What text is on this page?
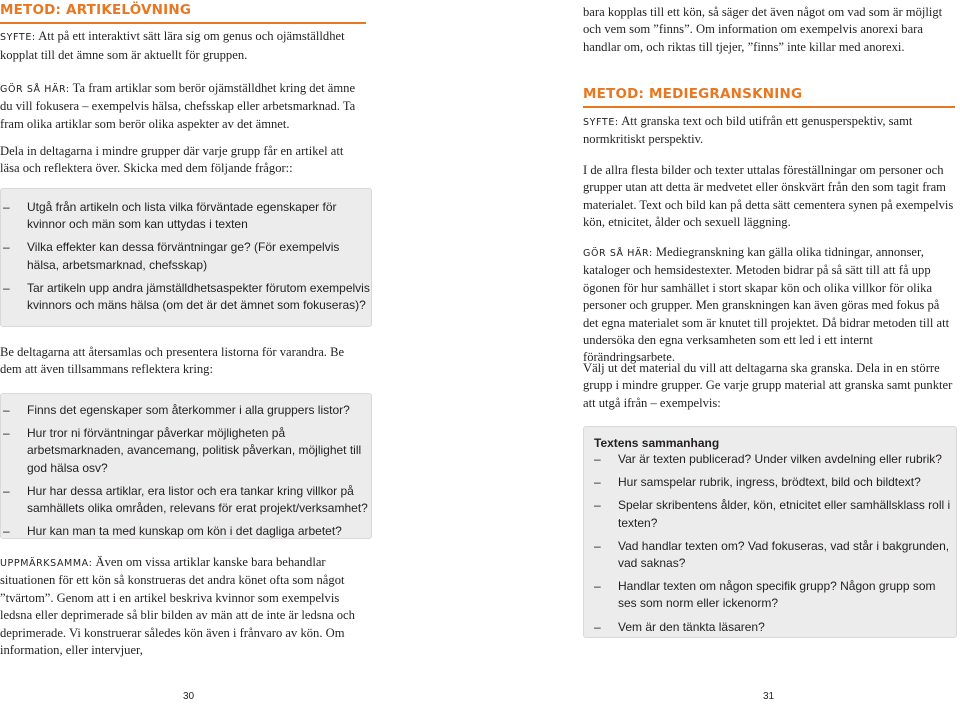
METOD: ARTIKELÖVNING

SYFTE: Att på ett interaktivt sätt lära sig om genus och ojämställdhet kopplat till det ämne som är aktuellt för gruppen.

GÖR SÅ HÄR: Ta fram artiklar som berör ojämställdhet kring det ämne du vill fokusera – exempelvis hälsa, chefsskap eller arbetsmarknad. Ta fram olika artiklar som berör olika aspekter av det ämnet.

Dela in deltagarna i mindre grupper där varje grupp får en artikel att läsa och reflektera över. Skicka med dem följande frågor::

– Utgå från artikeln och lista vilka förväntade egenskaper för kvinnor och män som kan uttydas i texten
– Vilka effekter kan dessa förväntningar ge? (För exempelvis hälsa, arbetsmarknad, chefsskap)
– Tar artikeln upp andra jämställdhetsaspekter förutom exempelvis kvinnors och mäns hälsa (om det är det ämnet som fokuseras)?

Be deltagarna att återsamlas och presentera listorna för varandra. Be dem att även tillsammans reflektera kring:

– Finns det egenskaper som återkommer i alla gruppers listor?
– Hur tror ni förväntningar påverkar möjligheten på arbetsmarknaden, avancemang, politisk påverkan, möjlighet till god hälsa osv?
– Hur har dessa artiklar, era listor och era tankar kring villkor på samhällets olika områden, relevans för erat projekt/verksamhet?
– Hur kan man ta med kunskap om kön i det dagliga arbetet?

UPPMÄRKSAMMA: Även om vissa artiklar kanske bara behandlar situationen för ett kön så konstrueras det andra könet ofta som något ”tvärtom”. Genom att i en artikel beskriva kvinnor som exempelvis ledsna eller deprimerade så blir bilden av män att de inte är ledsna och deprimerade. Vi konstruerar således kön även i frånvaro av kön. Om information, eller intervjuer,

30

bara kopplas till ett kön, så säger det även något om vad som är möjligt och vem som ”finns”. Om information om exempelvis anorexi bara handlar om, och riktas till tjejer, ”finns” inte killar med anorexi.

METOD: MEDIEGRANSKNING

SYFTE: Att granska text och bild utifrån ett genusperspektiv, samt normkritiskt perspektiv.

I de allra flesta bilder och texter uttalas föreställningar om personer och grupper utan att detta är medvetet eller önskvärt från den som tagit fram materialet. Text och bild kan på detta sätt cementera synen på exempelvis kön, etnicitet, ålder och sexuell läggning.

GÖR SÅ HÄR: Mediegranskning kan gälla olika tidningar, annonser, kataloger och hemsidestexter. Metoden bidrar på så sätt till att få upp ögonen för hur samhället i stort skapar kön och olika villkor för olika personer och grupper. Men granskningen kan även göras med fokus på det egna materialet som är knutet till projektet. Då bidrar metoden till att undersöka den egna verksamheten som ett led i ett internt förändringsarbete.

Välj ut det material du vill att deltagarna ska granska. Dela in en större grupp i mindre grupper. Ge varje grupp material att granska samt punkter att utgå ifrån – exempelvis:

Textens sammanhang
– Var är texten publicerad? Under vilken avdelning eller rubrik?
– Hur samspelar rubrik, ingress, brödtext, bild och bildtext?
– Spelar skribentens ålder, kön, etnicitet eller samhällsklass roll i texten?
– Vad handlar texten om? Vad fokuseras, vad står i bakgrunden, vad saknas?
– Handlar texten om någon specifik grupp? Någon grupp som ses som norm eller ickenorm?
– Vem är den tänkta läsaren?
31
